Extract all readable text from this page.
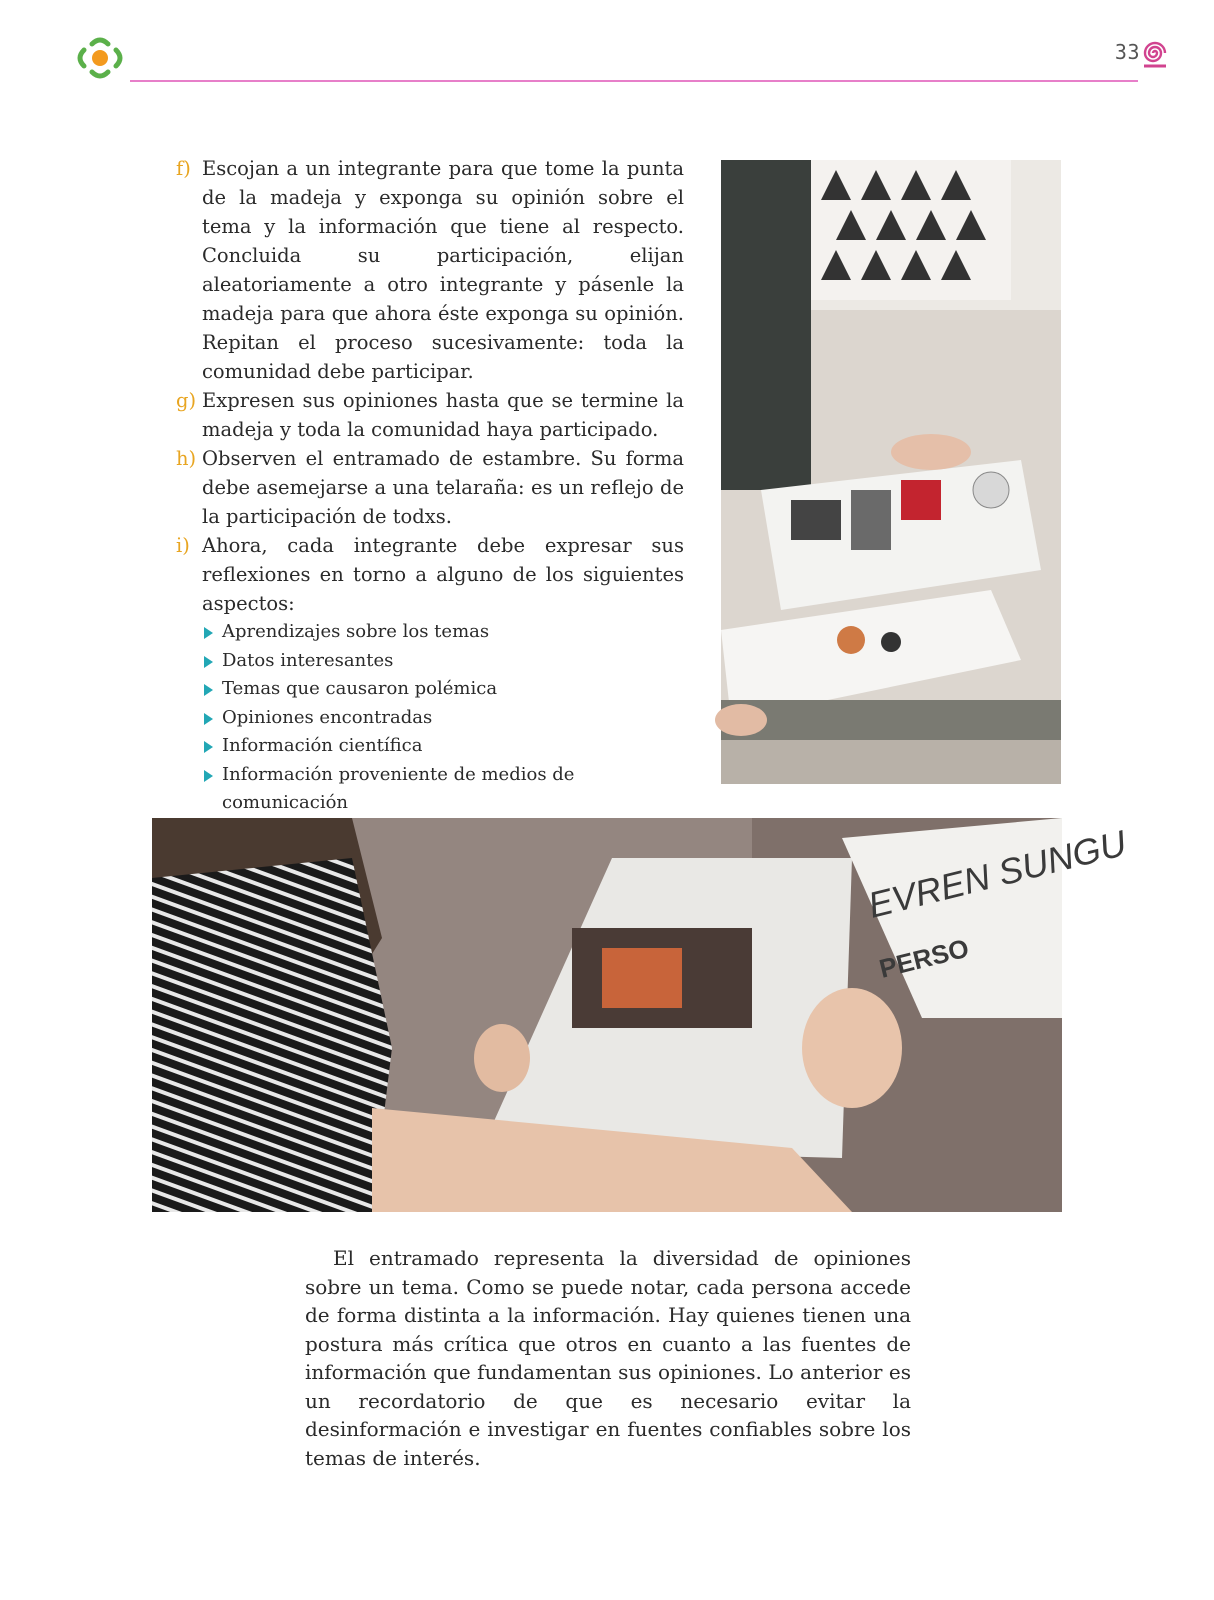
33
f) Escojan a un integrante para que tome la punta de la madeja y exponga su opinión sobre el tema y la información que tiene al respecto. Concluida su participación, elijan aleatoriamente a otro integrante y pásenle la madeja para que ahora éste exponga su opinión. Repitan el proceso sucesivamente: toda la comunidad debe participar.
g) Expresen sus opiniones hasta que se termine la madeja y toda la comunidad haya participado.
h) Observen el entramado de estambre. Su forma debe asemejarse a una telaraña: es un reflejo de la participación de todxs.
i) Ahora, cada integrante debe expresar sus reflexiones en torno a alguno de los siguientes aspectos:
Aprendizajes sobre los temas
Datos interesantes
Temas que causaron polémica
Opiniones encontradas
Información científica
Información proveniente de medios de comunicación
EVREN SUNGU
PERSO

El entramado representa la diversidad de opiniones sobre un tema. Como se puede notar, cada persona accede de forma distinta a la información. Hay quienes tienen una postura más crítica que otros en cuanto a las fuentes de información que fundamentan sus opiniones. Lo anterior es un recordatorio de que es necesario evitar la desinformación e investigar en fuentes confiables sobre los temas de interés.
